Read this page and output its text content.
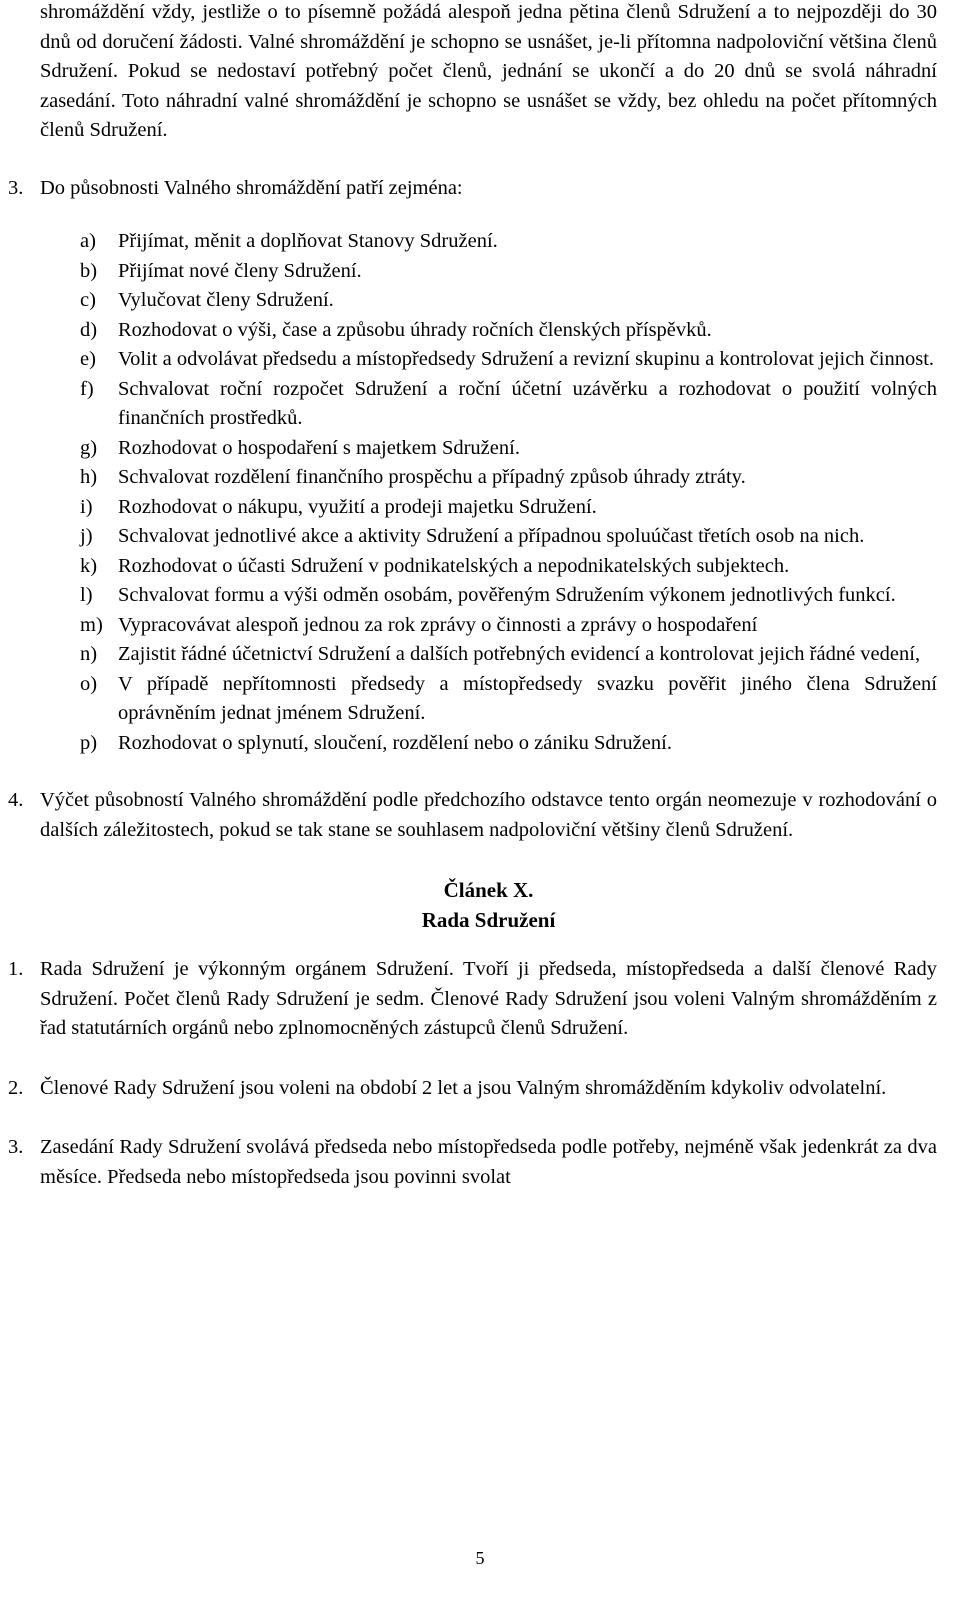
shromáždění vždy, jestliže o to písemně požádá alespoň jedna pětina členů Sdružení a to nejpozději do 30 dnů od doručení žádosti. Valné shromáždění je schopno se usnášet, je-li přítomna nadpoloviční většina členů Sdružení. Pokud se nedostaví potřebný počet členů, jednání se ukončí a do 20 dnů se svolá náhradní zasedání. Toto náhradní valné shromáždění je schopno se usnášet se vždy, bez ohledu na počet přítomných členů Sdružení.

3. Do působnosti Valného shromáždění patří zejména:
a)	Přijímat, měnit a doplňovat Stanovy Sdružení.
b)	Přijímat nové členy Sdružení.
c)	Vylučovat členy Sdružení.
d)	Rozhodovat o výši, čase a způsobu úhrady ročních členských příspěvků.
e)	Volit a odvolávat předsedu a místopředsedy Sdružení a revizní skupinu a kontrolovat jejich činnost.
f)	Schvalovat roční rozpočet Sdružení a roční účetní uzávěrku a rozhodovat o použití volných finančních prostředků.
g)	Rozhodovat o hospodaření s majetkem Sdružení.
h)	Schvalovat rozdělení finančního prospěchu a případný způsob úhrady ztráty.
i)	Rozhodovat o nákupu, využití a prodeji majetku Sdružení.
j)	Schvalovat jednotlivé akce a aktivity Sdružení a případnou spoluúčast třetích osob na nich.
k)	Rozhodovat o účasti Sdružení v podnikatelských a nepodnikatelských subjektech.
l)	Schvalovat formu a výši odměn osobám, pověřeným Sdružením výkonem jednotlivých funkcí.
m) Vypracovávat alespoň jednou za rok zprávy o činnosti a zprávy o hospodaření
n)	Zajistit řádné účetnictví Sdružení a dalších potřebných evidencí a kontrolovat jejich řádné vedení,
o)	V případě nepřítomnosti předsedy a místopředsedy svazku pověřit jiného člena Sdružení oprávněním jednat jménem Sdružení.
p)	Rozhodovat o splynutí, sloučení, rozdělení nebo o zániku Sdružení.
4. Výčet působností Valného shromáždění podle předchozího odstavce tento orgán neomezuje v rozhodování o dalších záležitostech, pokud se tak stane se souhlasem nadpoloviční většiny členů Sdružení.

Článek X.

Rada Sdružení

1. Rada Sdružení je výkonným orgánem Sdružení. Tvoří ji předseda, místopředseda a další členové Rady Sdružení. Počet členů Rady Sdružení je sedm. Členové Rady Sdružení jsou voleni Valným shromážděním z řad statutárních orgánů nebo zplnomocněných zástupců členů Sdružení.
2. Členové Rady Sdružení jsou voleni na období 2 let a jsou Valným shromážděním kdykoliv odvolatelní.
3. Zasedání Rady Sdružení svolává předseda nebo místopředseda podle potřeby, nejméně však jedenkrát za dva měsíce. Předseda nebo místopředseda jsou povinni svolat
5
